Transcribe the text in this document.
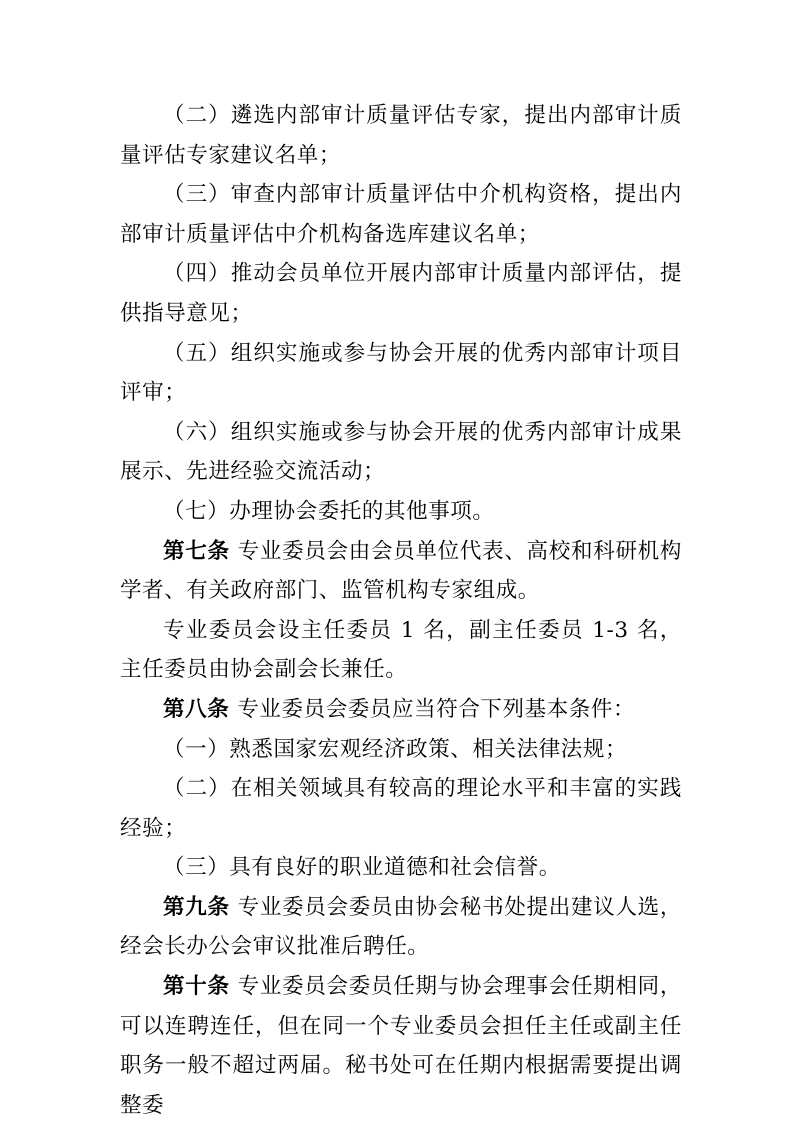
（二）遴选内部审计质量评估专家，提出内部审计质量评估专家建议名单；

（三）审查内部审计质量评估中介机构资格，提出内部审计质量评估中介机构备选库建议名单；

（四）推动会员单位开展内部审计质量内部评估，提供指导意见；

（五）组织实施或参与协会开展的优秀内部审计项目评审；

（六）组织实施或参与协会开展的优秀内部审计成果展示、先进经验交流活动；

（七）办理协会委托的其他事项。

第七条 专业委员会由会员单位代表、高校和科研机构学者、有关政府部门、监管机构专家组成。

专业委员会设主任委员 1 名，副主任委员 1-3 名，主任委员由协会副会长兼任。

第八条 专业委员会委员应当符合下列基本条件：

（一）熟悉国家宏观经济政策、相关法律法规；

（二）在相关领域具有较高的理论水平和丰富的实践经验；

（三）具有良好的职业道德和社会信誉。

第九条 专业委员会委员由协会秘书处提出建议人选，经会长办公会审议批准后聘任。

第十条 专业委员会委员任期与协会理事会任期相同，可以连聘连任，但在同一个专业委员会担任主任或副主任职务一般不超过两届。秘书处可在任期内根据需要提出调整委
